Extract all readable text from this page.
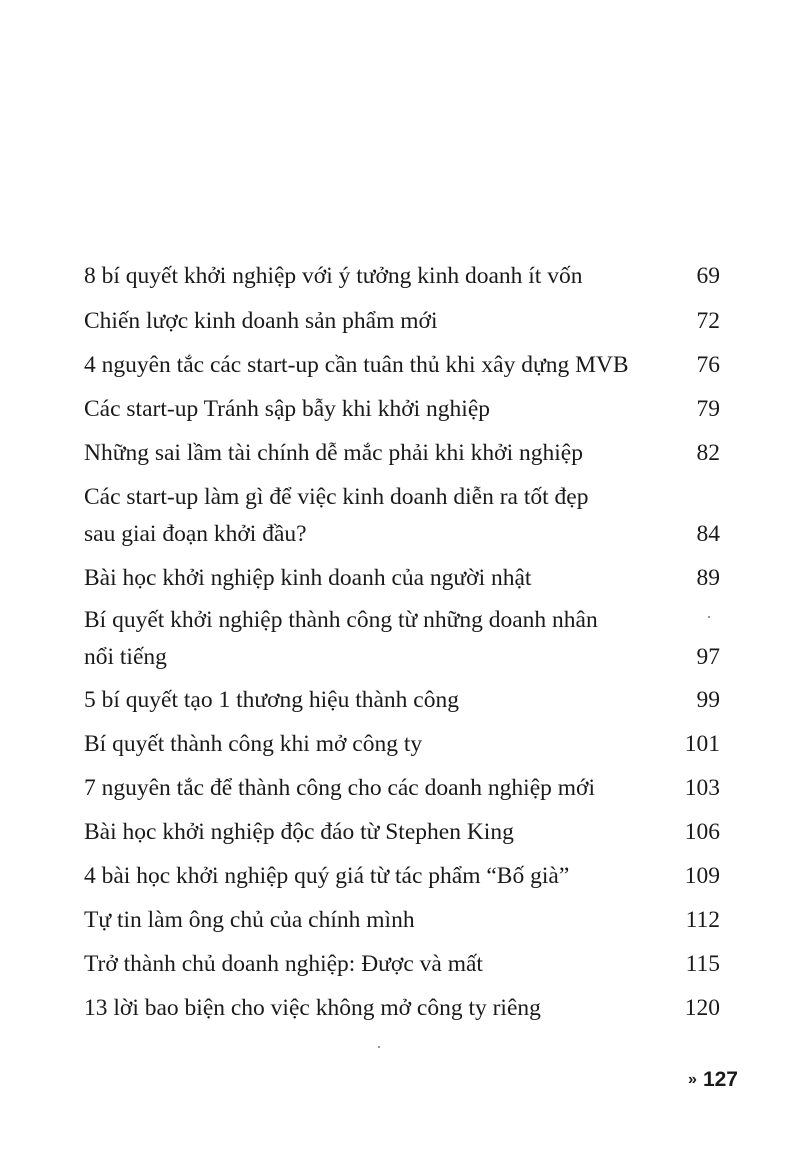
8 bí quyết khởi nghiệp với ý tưởng kinh doanh ít vốn	69
Chiến lược kinh doanh sản phẩm mới	72
4 nguyên tắc các start-up cần tuân thủ khi xây dựng MVB	76
Các start-up Tránh sập bẫy khi khởi nghiệp	79
Những sai lầm tài chính dễ mắc phải khi khởi nghiệp	82
Các start-up làm gì để việc kinh doanh diễn ra tốt đẹp
sau giai đoạn khởi đầu?	84
Bài học khởi nghiệp kinh doanh của người nhật	89
Bí quyết khởi nghiệp thành công từ những doanh nhân
nổi tiếng	97
5 bí quyết tạo 1 thương hiệu thành công	99
Bí quyết thành công khi mở công ty	101
7 nguyên tắc để thành công cho các doanh nghiệp mới	103
Bài học khởi nghiệp độc đáo từ Stephen King	106
4 bài học khởi nghiệp quý giá từ tác phẩm “Bố già”	109
Tự tin làm ông chủ của chính mình	112
Trở thành chủ doanh nghiệp: Được và mất	115
13 lời bao biện cho việc không mở công ty riêng	120
» 127
